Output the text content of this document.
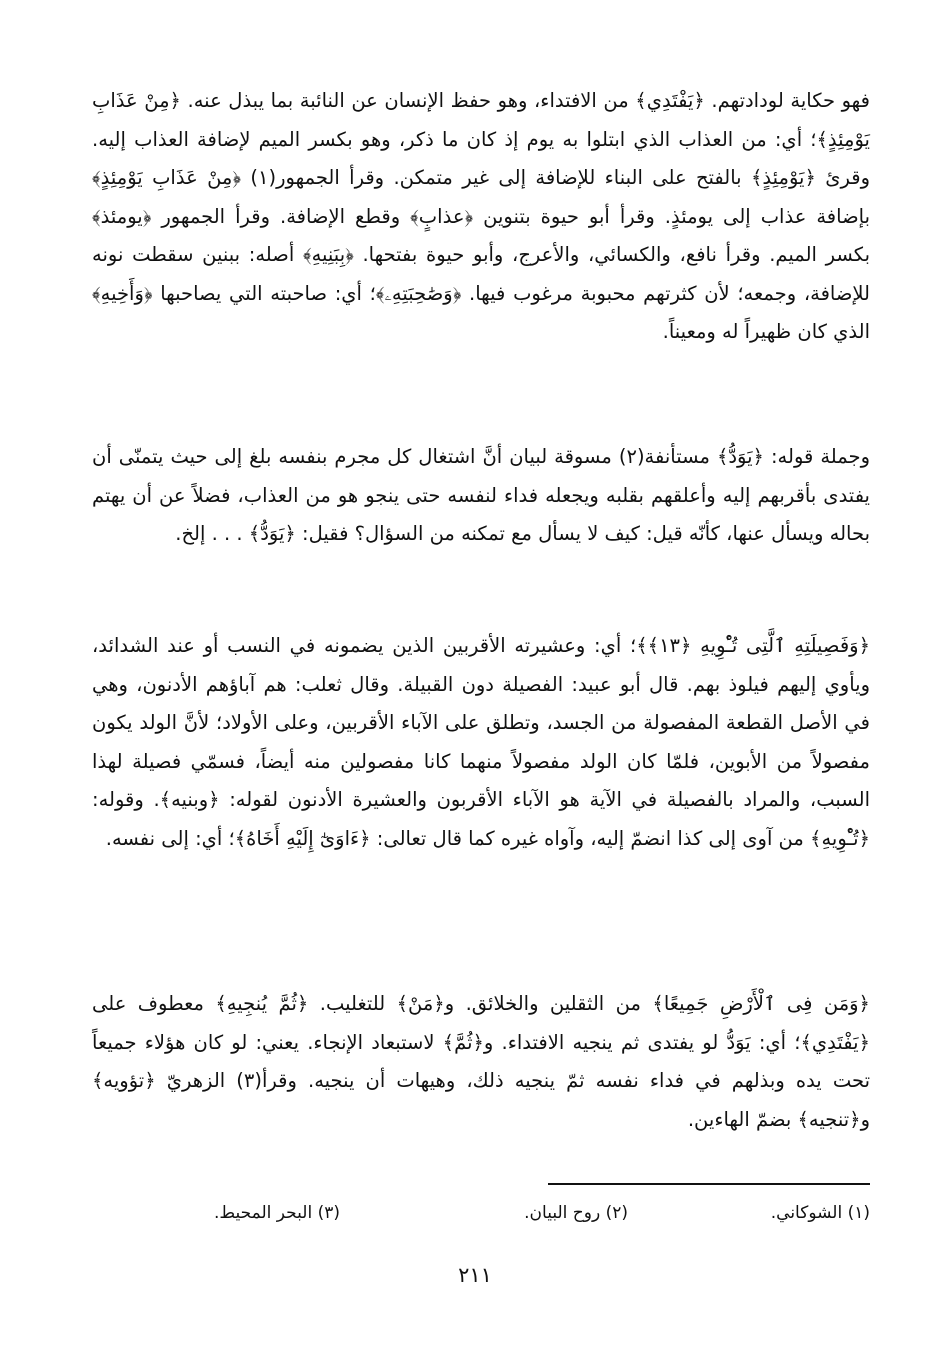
فهو حكاية لودادتهم. ﴿يَفْتَدِي﴾ من الافتداء، وهو حفظ الإنسان عن النائبة بما يبذل عنه. ﴿مِنْ عَذَابِ يَوْمِئِذٍ﴾؛ أي: من العذاب الذي ابتلوا به يوم إذ كان ما ذكر، وهو بكسر الميم لإضافة العذاب إليه. وقرئ ﴿يَوْمِئِذٍ﴾ بالفتح على البناء للإضافة إلى غير متمكن. وقرأ الجمهور(١) ﴿مِنْ عَذَابِ يَوْمِئِذٍ﴾ بإضافة عذاب إلى يومئذٍ. وقرأ أبو حيوة بتنوين ﴿عذابٍ﴾ وقطع الإضافة. وقرأ الجمهور ﴿يومئذ﴾ بكسر الميم. وقرأ نافع، والكسائي، والأعرج، وأبو حيوة بفتحها. ﴿بِبَنِيهِ﴾ أصله: ببنين سقطت نونه للإضافة، وجمعه؛ لأن كثرتهم محبوبة مرغوب فيها. ﴿وَصَٰحِبَتِهِۦ﴾؛ أي: صاحبته التي يصاحبها ﴿وَأَخِيهِ﴾ الذي كان ظهيراً له ومعيناً.

وجملة قوله: ﴿يَوَدُّ﴾ مستأنفة(٢) مسوقة لبيان أنَّ اشتغال كل مجرم بنفسه بلغ إلى حيث يتمنّى أن يفتدى بأقربهم إليه وأعلقهم بقلبه ويجعله فداء لنفسه حتى ينجو هو من العذاب، فضلاً عن أن يهتم بحاله ويسأل عنها، كأنّه قيل: كيف لا يسأل مع تمكنه من السؤال؟ فقيل: ﴿يَوَدُّ﴾ . . . إلخ.

﴿وَفَصِيلَتِهِ ٱلَّتِى تُـْٔوِيهِ ﴿١٣﴾﴾؛ أي: وعشيرته الأقربين الذين يضمونه في النسب أو عند الشدائد، ويأوي إليهم فيلوذ بهم. قال أبو عبيد: الفصيلة دون القبيلة. وقال ثعلب: هم آباؤهم الأدنون، وهي في الأصل القطعة المفصولة من الجسد، وتطلق على الآباء الأقربين، وعلى الأولاد؛ لأنَّ الولد يكون مفصولاً من الأبوين، فلمّا كان الولد مفصولاً منهما كانا مفصولين منه أيضاً، فسمّي فصيلة لهذا السبب، والمراد بالفصيلة في الآية هو الآباء الأقربون والعشيرة الأدنون لقوله: ﴿وبنيه﴾. وقوله: ﴿تُـْٔوِيهِ﴾ من آوى إلى كذا انضمّ إليه، وآواه غيره كما قال تعالى: ﴿ءَاوَىٰٓ إِلَيْهِ أَخَاهُ﴾؛ أي: إلى نفسه.

﴿وَمَن فِى ٱلْأَرْضِ جَمِيعًا﴾ من الثقلين والخلائق. و﴿مَنْ﴾ للتغليب. ﴿ثُمَّ يُنجِيهِ﴾ معطوف على ﴿يَفْتَدِي﴾؛ أي: يَوَدُّ لو يفتدى ثم ينجيه الافتداء. و﴿ثُمَّ﴾ لاستبعاد الإنجاء. يعني: لو كان هؤلاء جميعاً تحت يده وبذلهم في فداء نفسه ثمّ ينجيه ذلك، وهيهات أن ينجيه. وقرأ(٣) الزهريّ ﴿تؤويه﴾ و﴿تنجيه﴾ بضمّ الهاءين.

(١) الشوكاني.
(٢) روح البيان.
(٣) البحر المحيط.
٢١١
